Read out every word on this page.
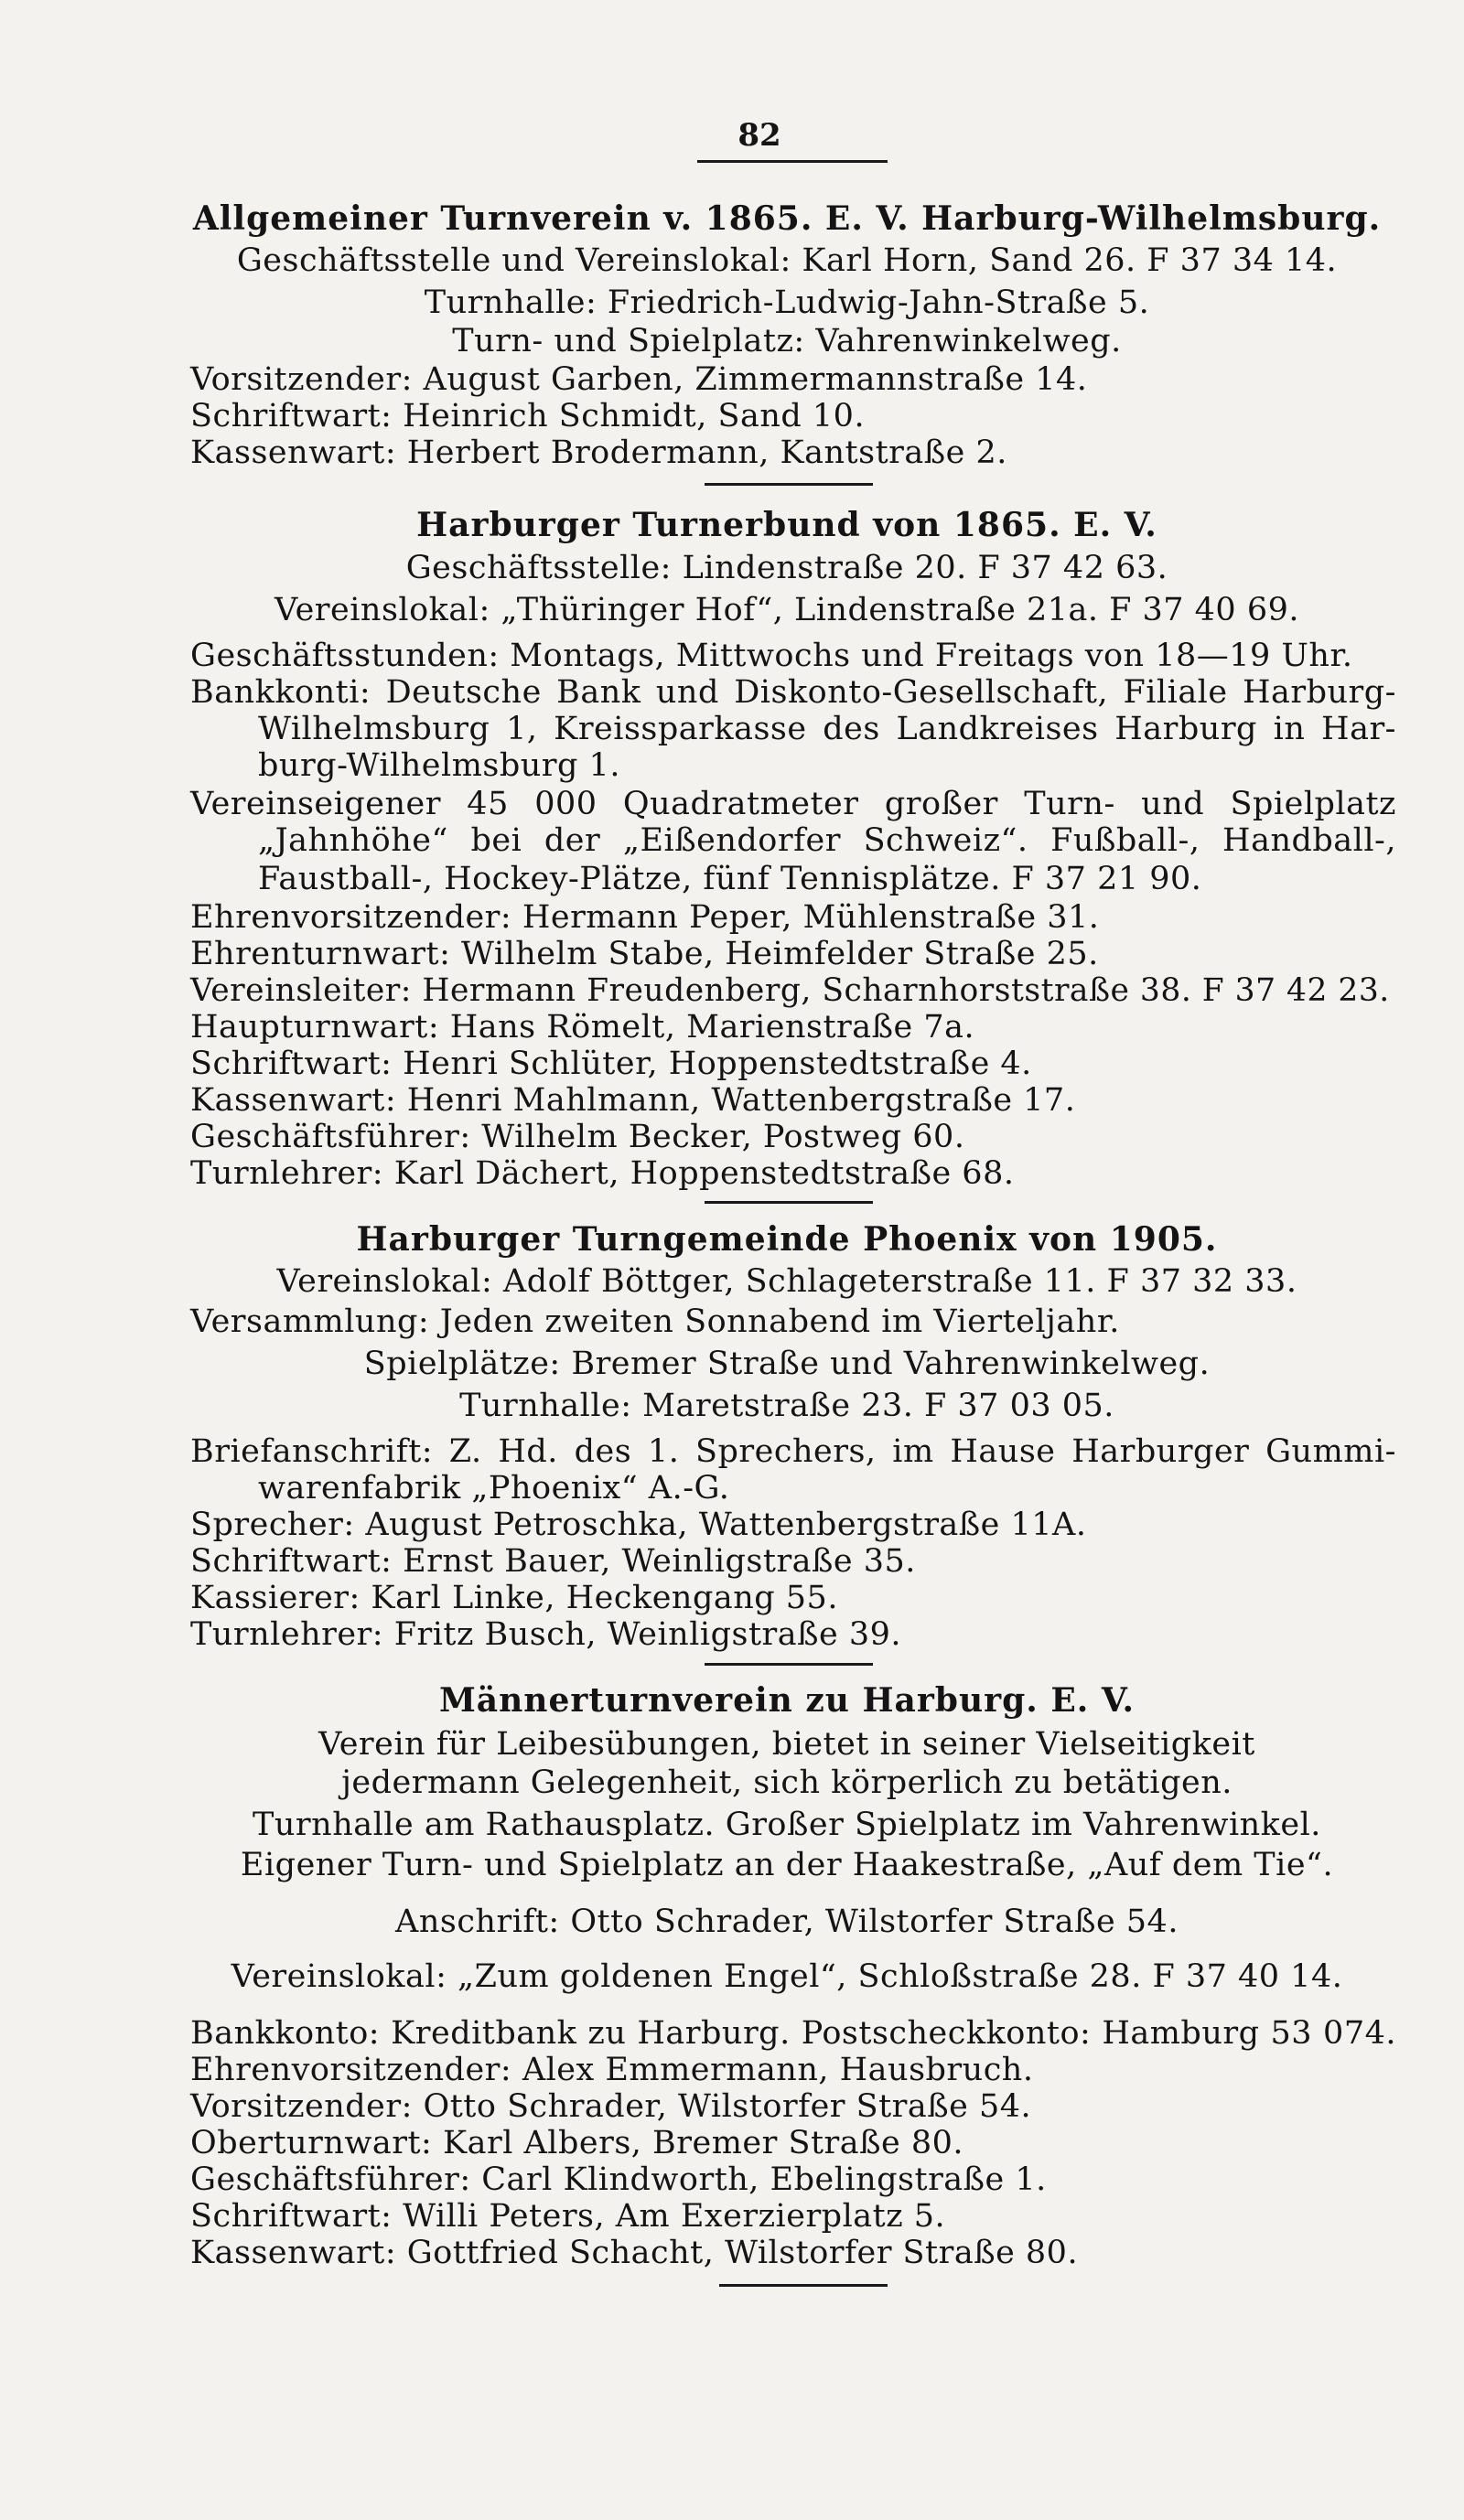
82
Allgemeiner Turnverein v. 1865. E. V. Harburg-Wilhelmsburg.
Geschäftsstelle und Vereinslokal: Karl Horn, Sand 26. F 37 34 14.
Turnhalle: Friedrich-Ludwig-Jahn-Straße 5.
Turn- und Spielplatz: Vahrenwinkelweg.
Vorsitzender: August Garben, Zimmermannstraße 14.
Schriftwart: Heinrich Schmidt, Sand 10.
Kassenwart: Herbert Brodermann, Kantstraße 2.
Harburger Turnerbund von 1865. E. V.
Geschäftsstelle: Lindenstraße 20. F 37 42 63.
Vereinslokal: „Thüringer Hof“, Lindenstraße 21a. F 37 40 69.
Geschäftsstunden: Montags, Mittwochs und Freitags von 18—19 Uhr.
Bankkonti: Deutsche Bank und Diskonto-Gesellschaft, Filiale Harburg-
Wilhelmsburg 1, Kreissparkasse des Landkreises Harburg in Har-
burg-Wilhelmsburg 1.
Vereinseigener 45 000 Quadratmeter großer Turn- und Spielplatz
„Jahnhöhe“ bei der „Eißendorfer Schweiz“. Fußball-, Handball-,
Faustball-, Hockey-Plätze, fünf Tennisplätze. F 37 21 90.
Ehrenvorsitzender: Hermann Peper, Mühlenstraße 31.
Ehrenturnwart: Wilhelm Stabe, Heimfelder Straße 25.
Vereinsleiter: Hermann Freudenberg, Scharnhorststraße 38. F 37 42 23.
Haupturnwart: Hans Römelt, Marienstraße 7a.
Schriftwart: Henri Schlüter, Hoppenstedtstraße 4.
Kassenwart: Henri Mahlmann, Wattenbergstraße 17.
Geschäftsführer: Wilhelm Becker, Postweg 60.
Turnlehrer: Karl Dächert, Hoppenstedtstraße 68.
Harburger Turngemeinde Phoenix von 1905.
Vereinslokal: Adolf Böttger, Schlageterstraße 11. F 37 32 33.
Versammlung: Jeden zweiten Sonnabend im Vierteljahr.
Spielplätze: Bremer Straße und Vahrenwinkelweg.
Turnhalle: Maretstraße 23. F 37 03 05.
Briefanschrift: Z. Hd. des 1. Sprechers, im Hause Harburger Gummi-
warenfabrik „Phoenix“ A.-G.
Sprecher: August Petroschka, Wattenbergstraße 11A.
Schriftwart: Ernst Bauer, Weinligstraße 35.
Kassierer: Karl Linke, Heckengang 55.
Turnlehrer: Fritz Busch, Weinligstraße 39.
Männerturnverein zu Harburg. E. V.
Verein für Leibesübungen, bietet in seiner Vielseitigkeit
jedermann Gelegenheit, sich körperlich zu betätigen.
Turnhalle am Rathausplatz. Großer Spielplatz im Vahrenwinkel.
Eigener Turn- und Spielplatz an der Haakestraße, „Auf dem Tie“.
Anschrift: Otto Schrader, Wilstorfer Straße 54.
Vereinslokal: „Zum goldenen Engel“, Schloßstraße 28. F 37 40 14.
Bankkonto: Kreditbank zu Harburg. Postscheckkonto: Hamburg 53 074.
Ehrenvorsitzender: Alex Emmermann, Hausbruch.
Vorsitzender: Otto Schrader, Wilstorfer Straße 54.
Oberturnwart: Karl Albers, Bremer Straße 80.
Geschäftsführer: Carl Klindworth, Ebelingstraße 1.
Schriftwart: Willi Peters, Am Exerzierplatz 5.
Kassenwart: Gottfried Schacht, Wilstorfer Straße 80.
